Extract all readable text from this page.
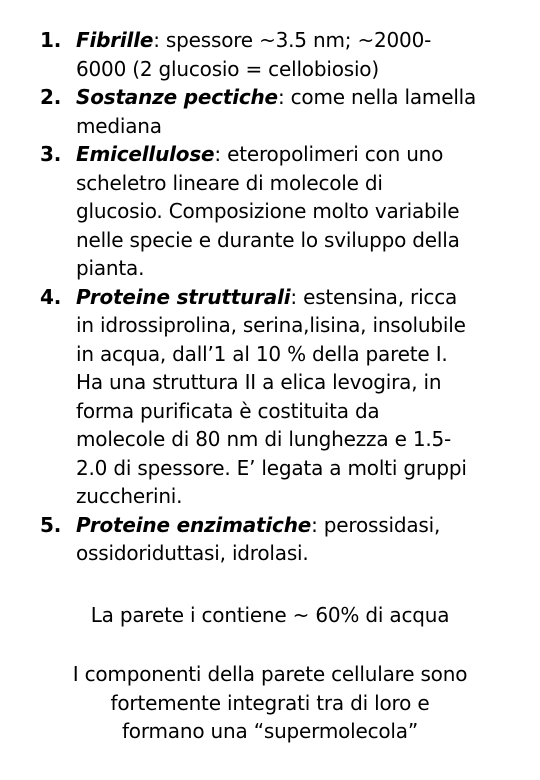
1. Fibrille: spessore ~3.5 nm; ~2000-
6000 (2 glucosio = cellobiosio)
2. Sostanze pectiche: come nella lamella
mediana
3. Emicellulose: eteropolimeri con uno
scheletro lineare di molecole di
glucosio. Composizione molto variabile
nelle specie e durante lo sviluppo della
pianta.
4. Proteine strutturali: estensina, ricca
in idrossiprolina, serina,lisina, insolubile
in acqua, dall’1 al 10 % della parete I.
Ha una struttura II a elica levogira, in
forma purificata è costituita da
molecole di 80 nm di lunghezza e 1.5-
2.0 di spessore. E’ legata a molti gruppi
zuccherini.
5. Proteine enzimatiche: perossidasi,
ossidoriduttasi, idrolasi.

La parete i contiene ~ 60% di acqua

I componenti della parete cellulare sono
fortemente integrati tra di loro e
formano una “supermolecola”
